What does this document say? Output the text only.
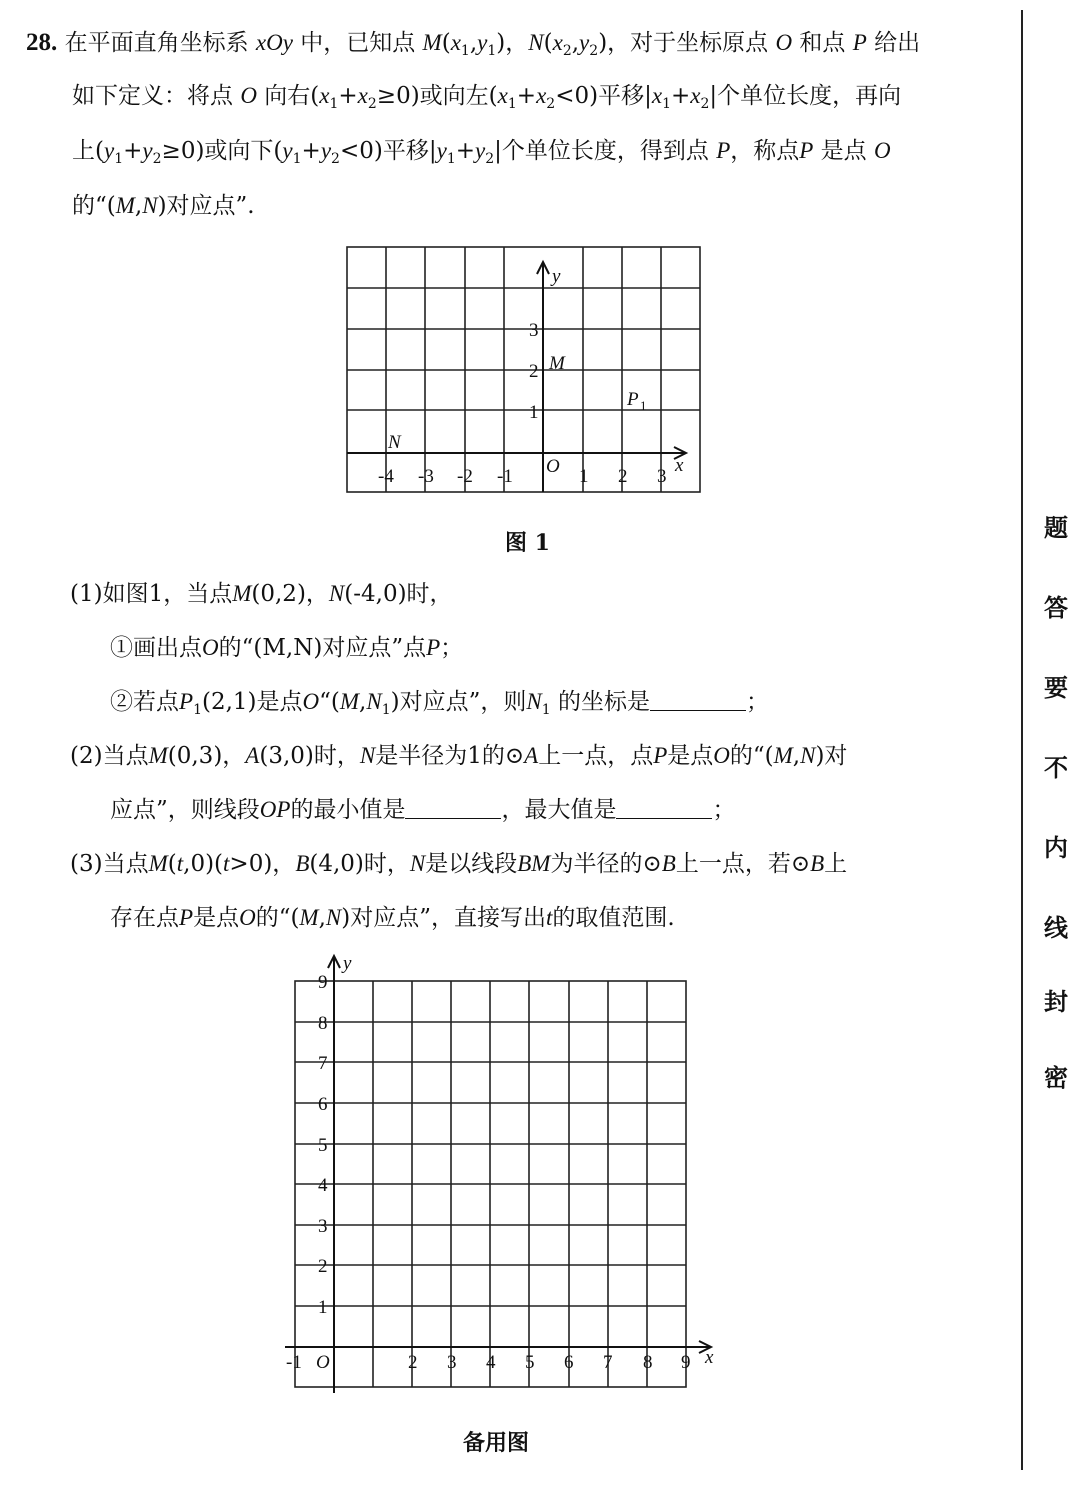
28. 在平面直角坐标系 xOy 中，已知点 $M(x_1,y_1)$，$N(x_2,y_2)$，对于坐标原点 O 和点 P 给出
如下定义：将点 O 向右$(x_1+x_2\ge 0)$或向左$(x_1+x_2<0)$平移$|x_1+x_2|$个单位长度，再向
上$(y_1+y_2\ge 0)$或向下$(y_1+y_2<0)$平移$|y_1+y_2|$个单位长度，得到点 P，称点P 是点 O
的“(M,N)对应点”.
y
x
O
-4 -3 -2 -1	1 2 3
1
2
3
M
N
P 1
图 1
(1)如图1，当点M(0,2)，N(-4,0)时，
①画出点O的“(M,N)对应点”点P；
②若点$P_1(2,1)$是点$O“(M,N_1)$对应点”，则$N_1$ 的坐标是	；
(2)当点M(0,3)，A(3,0)时，N是半径为1的⊙A上一点，点P是点O的“(M,N)对
应点”，则线段OP的最小值是	，最大值是	；
(3)当点M(t,0)(t>0)，B(4,0)时，N是以线段BM为半径的⊙B上一点，若⊙B上
存在点P是点O的“(M,N)对应点”，直接写出t的取值范围.
y
x
O
-1	2 3 4 5 6 7 8 9
1
2
3
4
5
6
7
8
9
备用图
题
答
要
不
内
线
封
密
